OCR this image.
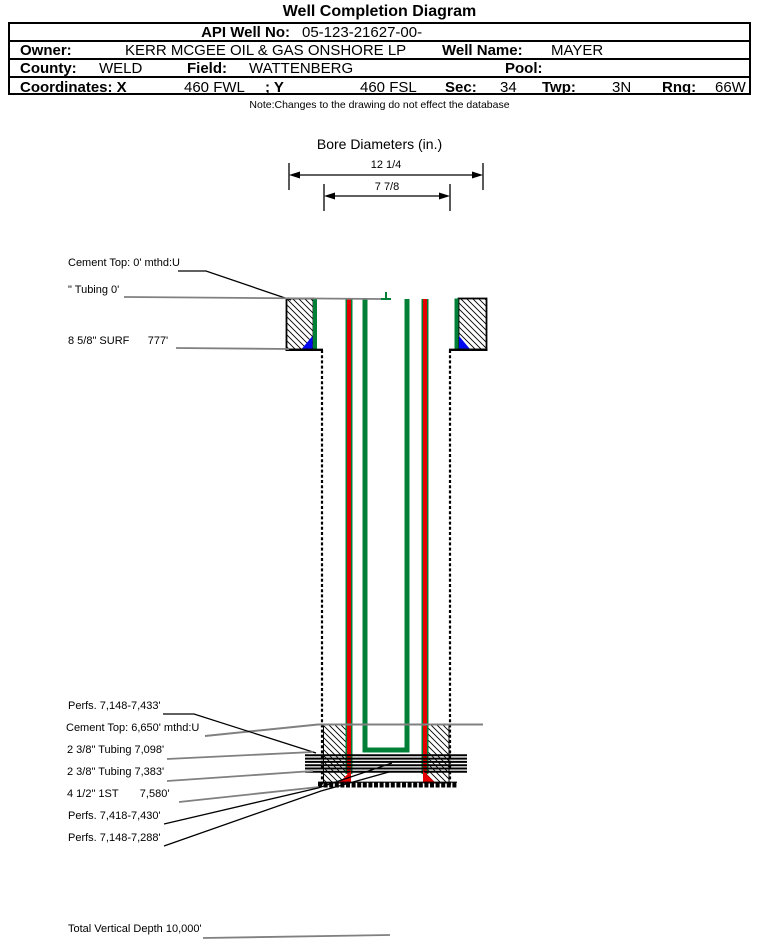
Well Completion Diagram
API Well No: 05-123-21627-00-
Owner:	KERR MCGEE OIL & GAS ONSHORE LP Well Name: MAYER
County: WELD	Field: WATTENBERG	Pool:
Coordinates: X	460 FWL ; Y	460 FSL Sec: 34 Twp: 3N Rng: 66W
Note:Changes to the drawing do not effect the database
Bore Diameters (in.)
12 1/4
7 7/8
Cement Top: 0' mthd:U
" Tubing 0'
8 5/8" SURF      777'
Perfs. 7,148-7,433'
Cement Top: 6,650' mthd:U
2 3/8" Tubing 7,098'
2 3/8" Tubing 7,383'
4 1/2" 1ST       7,580'
Perfs. 7,418-7,430'
Perfs. 7,148-7,288'
Total Vertical Depth 10,000'
